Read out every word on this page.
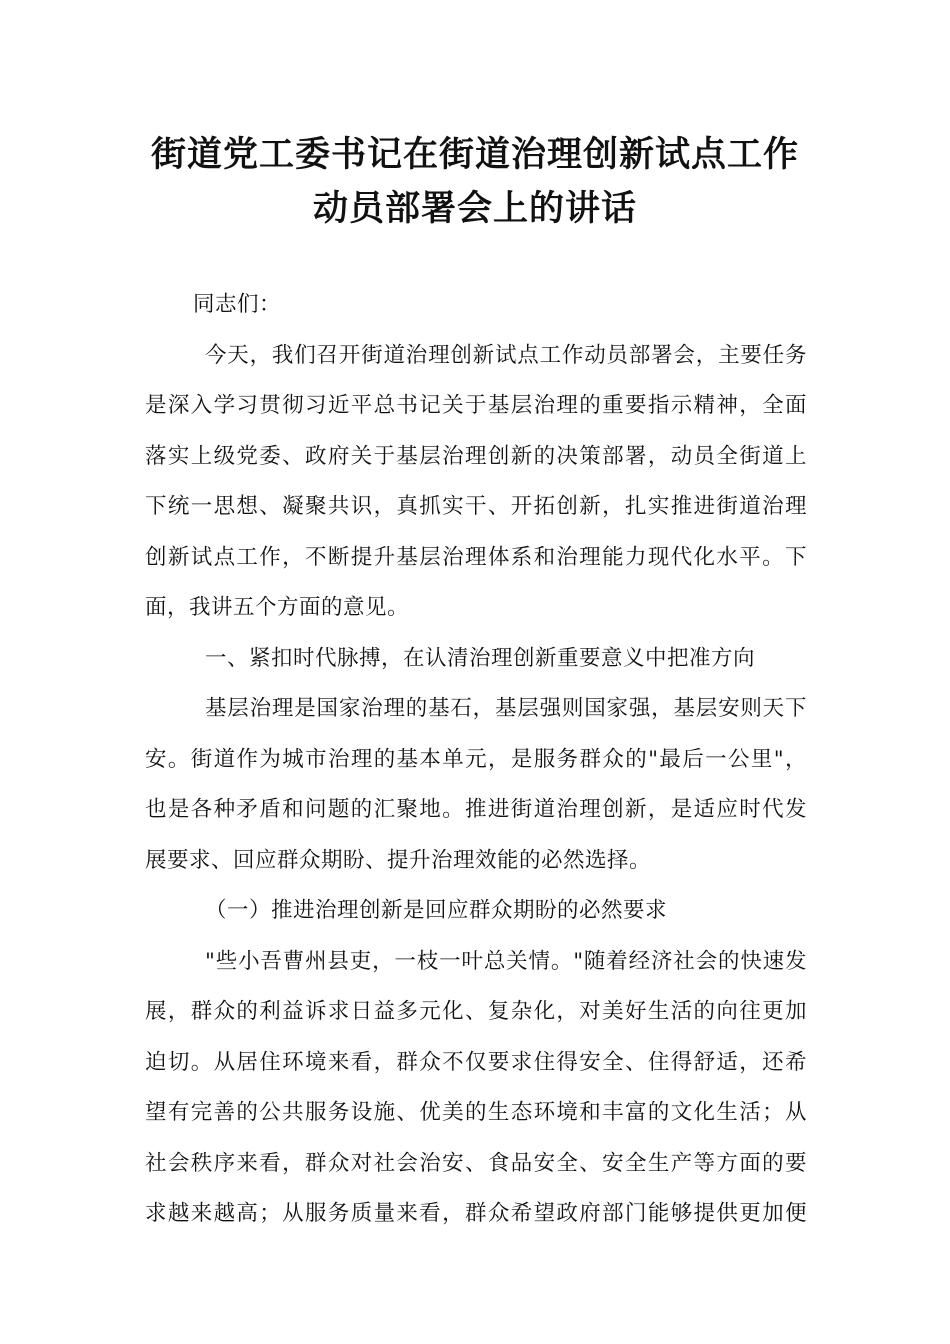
街道党工委书记在街道治理创新试点工作
动员部署会上的讲话
同志们：
今天，我们召开街道治理创新试点工作动员部署会，主要任务
是深入学习贯彻习近平总书记关于基层治理的重要指示精神，全面
落实上级党委、政府关于基层治理创新的决策部署，动员全街道上
下统一思想、凝聚共识，真抓实干、开拓创新，扎实推进街道治理
创新试点工作，不断提升基层治理体系和治理能力现代化水平。下
面，我讲五个方面的意见。
一、紧扣时代脉搏，在认清治理创新重要意义中把准方向
基层治理是国家治理的基石，基层强则国家强，基层安则天下
安。街道作为城市治理的基本单元，是服务群众的"最后一公里"，
也是各种矛盾和问题的汇聚地。推进街道治理创新，是适应时代发
展要求、回应群众期盼、提升治理效能的必然选择。
（一）推进治理创新是回应群众期盼的必然要求
"些小吾曹州县吏，一枝一叶总关情。"随着经济社会的快速发
展，群众的利益诉求日益多元化、复杂化，对美好生活的向往更加
迫切。从居住环境来看，群众不仅要求住得安全、住得舒适，还希
望有完善的公共服务设施、优美的生态环境和丰富的文化生活；从
社会秩序来看，群众对社会治安、食品安全、安全生产等方面的要
求越来越高；从服务质量来看，群众希望政府部门能够提供更加便
